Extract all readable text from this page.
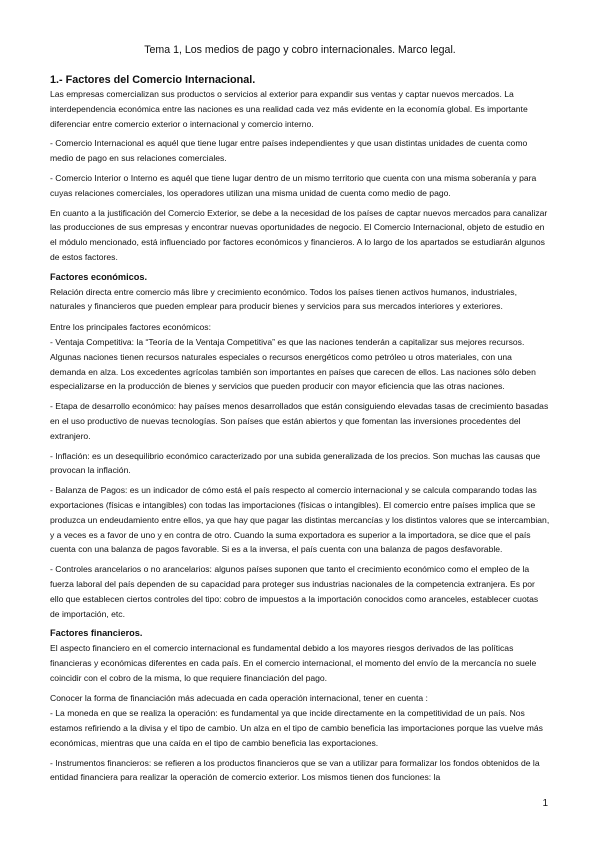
Tema 1, Los medios de pago y cobro internacionales. Marco legal.
1.- Factores del Comercio Internacional.

Las empresas comercializan sus productos o servicios al exterior para expandir sus ventas y captar nuevos mercados. La interdependencia económica entre las naciones es una realidad cada vez más evidente en la economía global. Es importante diferenciar entre comercio exterior o internacional y comercio interno.

- Comercio Internacional es aquél que tiene lugar entre países independientes y que usan distintas unidades de cuenta como medio de pago en sus relaciones comerciales.

- Comercio Interior o Interno es aquél que tiene lugar dentro de un mismo territorio que cuenta con una misma soberanía y para cuyas relaciones comerciales, los operadores utilizan una misma unidad de cuenta como medio de pago.

En cuanto a la justificación del Comercio Exterior, se debe a la necesidad de los países de captar nuevos mercados para canalizar las producciones de sus empresas y encontrar nuevas oportunidades de negocio. El Comercio Internacional, objeto de estudio en el módulo mencionado, está influenciado por factores económicos y financieros. A lo largo de los apartados se estudiarán algunos de estos factores.

Factores económicos.

Relación directa entre comercio más libre y crecimiento económico. Todos los países tienen activos humanos, industriales, naturales y financieros que pueden emplear para producir bienes y servicios para sus mercados interiores y exteriores.

Entre los principales factores económicos:

- Ventaja Competitiva: la “Teoría de la Ventaja Competitiva” es que las naciones tenderán a capitalizar sus mejores recursos. Algunas naciones tienen recursos naturales especiales o recursos energéticos como petróleo u otros materiales, con una demanda en alza. Los excedentes agrícolas también son importantes en países que carecen de ellos. Las naciones sólo deben especializarse en la producción de bienes y servicios que pueden producir con mayor eficiencia que las otras naciones.

- Etapa de desarrollo económico: hay países menos desarrollados que están consiguiendo elevadas tasas de crecimiento basadas en el uso productivo de nuevas tecnologías. Son países que están abiertos y que fomentan las inversiones procedentes del extranjero.

- Inflación: es un desequilibrio económico caracterizado por una subida generalizada de los precios. Son muchas las causas que provocan la inflación.

- Balanza de Pagos: es un indicador de cómo está el país respecto al comercio internacional y se calcula comparando todas las exportaciones (físicas e intangibles) con todas las importaciones (físicas o intangibles). El comercio entre países implica que se produzca un endeudamiento entre ellos, ya que hay que pagar las distintas mercancías y los distintos valores que se intercambian, y a veces es a favor de uno y en contra de otro. Cuando la suma exportadora es superior a la importadora, se dice que el país cuenta con una balanza de pagos favorable. Si es a la inversa, el país cuenta con una balanza de pagos desfavorable.

- Controles arancelarios o no arancelarios: algunos países suponen que tanto el crecimiento económico como el empleo de la fuerza laboral del país dependen de su capacidad para proteger sus industrias nacionales de la competencia extranjera. Es por ello que establecen ciertos controles del tipo: cobro de impuestos a la importación conocidos como aranceles, establecer cuotas de importación, etc.

Factores financieros.

El aspecto financiero en el comercio internacional es fundamental debido a los mayores riesgos derivados de las políticas financieras y económicas diferentes en cada país. En el comercio internacional, el momento del envío de la mercancía no suele coincidir con el cobro de la misma, lo que requiere financiación del pago.

Conocer la forma de financiación más adecuada en cada operación internacional, tener en cuenta :

- La moneda en que se realiza la operación: es fundamental ya que incide directamente en la competitividad de un país. Nos estamos refiriendo a la divisa y el tipo de cambio. Un alza en el tipo de cambio beneficia las importaciones porque las vuelve más económicas, mientras que una caída en el tipo de cambio beneficia las exportaciones.

- Instrumentos financieros: se refieren a los productos financieros que se van a utilizar para formalizar los fondos obtenidos de la entidad financiera para realizar la operación de comercio exterior. Los mismos tienen dos funciones: la

1
